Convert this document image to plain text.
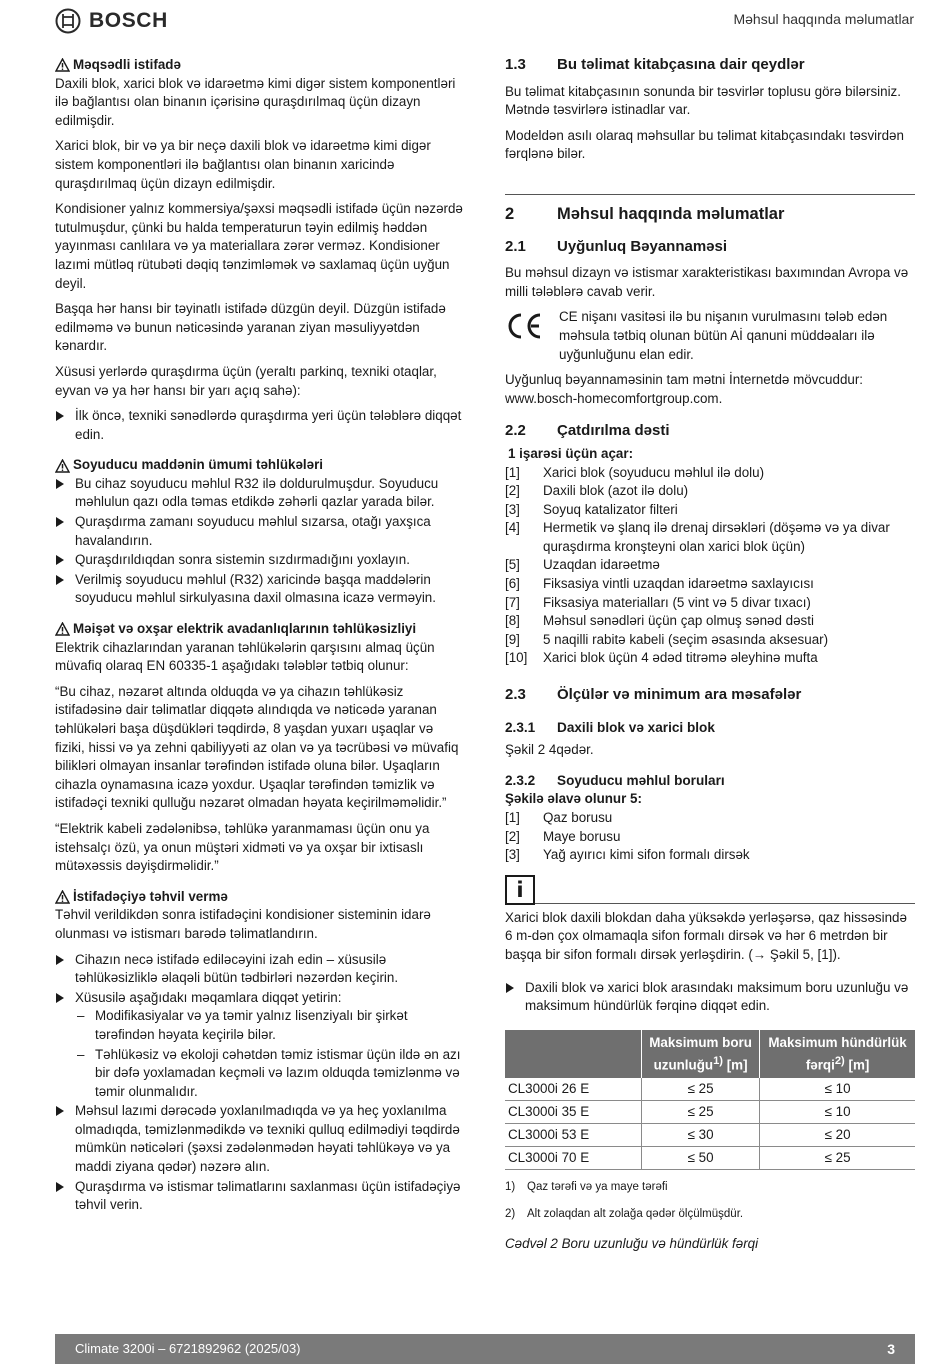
BOSCH	Məhsul haqqında məlumatlar
Məqsədli istifadə

Daxili blok, xarici blok və idarəetmə kimi digər sistem komponentləri ilə bağlantısı olan binanın içərisinə quraşdırılmaq üçün dizayn edilmişdir.

Xarici blok, bir və ya bir neçə daxili blok və idarəetmə kimi digər sistem komponentləri ilə bağlantısı olan binanın xaricində quraşdırılmaq üçün dizayn edilmişdir.

Kondisioner yalnız kommersiya/şəxsi məqsədli istifadə üçün nəzərdə tutulmuşdur, çünki bu halda temperaturun təyin edilmiş həddən yayınması canlılara və ya materiallara zərər verməz. Kondisioner lazımi mütləq rütubəti dəqiq tənzimləmək və saxlamaq üçün uyğun deyil.

Başqa hər hansı bir təyinatlı istifadə düzgün deyil. Düzgün istifadə edilməmə və bunun nəticəsində yaranan ziyan məsuliyyətdən kənardır.

Xüsusi yerlərdə quraşdırma üçün (yeraltı parkinq, texniki otaqlar, eyvan və ya hər hansı bir yarı açıq sahə):

İlk öncə, texniki sənədlərdə quraşdırma yeri üçün tələblərə diqqət edin.
Soyuducu maddənin ümumi təhlükələri
Bu cihaz soyuducu məhlul R32 ilə doldurulmuşdur. Soyuducu məhlulun qazı odla təmas etdikdə zəhərli qazlar yarada bilər.
Quraşdırma zamanı soyuducu məhlul sızarsa, otağı yaxşıca havalandırın.
Quraşdırıldıqdan sonra sistemin sızdırmadığını yoxlayın.
Verilmiş soyuducu məhlul (R32) xaricində başqa maddələrin soyuducu məhlul sirkulyasına daxil olmasına icazə verməyin.
Məişət və oxşar elektrik avadanlıqlarının təhlükəsizliyi

Elektrik cihazlarından yaranan təhlükələrin qarşısını almaq üçün müvafiq olaraq EN 60335-1 aşağıdakı tələblər tətbiq olunur:

“Bu cihaz, nəzarət altında olduqda və ya cihazın təhlükəsiz istifadəsinə dair təlimatlar diqqətə alındıqda və nəticədə yaranan təhlükələri başa düşdükləri təqdirdə, 8 yaşdan yuxarı uşaqlar və fiziki, hissi və ya zehni qabiliyyəti az olan və ya təcrübəsi və müvafiq bilikləri olmayan insanlar tərəfindən istifadə oluna bilər. Uşaqların cihazla oynamasına icazə yoxdur. Uşaqlar tərəfindən təmizlik və istifadəçi texniki qulluğu nəzarət olmadan həyata keçirilməməlidir.”

“Elektrik kabeli zədələnibsə, təhlükə yaranmaması üçün onu ya istehsalçı özü, ya onun müştəri xidməti və ya oxşar bir ixtisaslı mütəxəssis dəyişdirməlidir.”

İstifadəçiyə təhvil vermə

Təhvil verildikdən sonra istifadəçini kondisioner sisteminin idarə olunması və istismarı barədə təlimatlandırın.

Cihazın necə istifadə ediləcəyini izah edin – xüsusilə təhlükəsizliklə əlaqəli bütün tədbirləri nəzərdən keçirin.
Xüsusilə aşağıdakı məqamlara diqqət yetirin:
– Modifikasiyalar və ya təmir yalnız lisenziyalı bir şirkət tərəfindən həyata keçirilə bilər.
– Təhlükəsiz və ekoloji cəhətdən təmiz istismar üçün ildə ən azı bir dəfə yoxlamadan keçməli və lazım olduqda təmizlənmə və təmir olunmalıdır.
Məhsul lazımi dərəcədə yoxlanılmadıqda və ya heç yoxlanılma olmadıqda, təmizlənmədikdə və texniki qulluq edilmədiyi təqdirdə mümkün nəticələri (şəxsi zədələnmədən həyati təhlükəyə və ya maddi ziyana qədər) nəzərə alın.
Quraşdırma və istismar təlimatlarını saxlanması üçün istifadəçiyə təhvil verin.
1.3	Bu təlimat kitabçasına dair qeydlər

Bu təlimat kitabçasının sonunda bir təsvirlər toplusu görə bilərsiniz. Mətndə təsvirlərə istinadlar var.

Modeldən asılı olaraq məhsullar bu təlimat kitabçasındakı təsvirdən fərqlənə bilər.

2	Məhsul haqqında məlumatlar
2.1	Uyğunluq Bəyannaməsi

Bu məhsul dizayn və istismar xarakteristikası baxımından Avropa və milli tələblərə cavab verir.

CE nişanı vasitəsi ilə bu nişanın vurulmasını tələb edən məhsula tətbiq olunan bütün Aİ qanuni müddəaları ilə uyğunluğunu elan edir.

Uyğunluq bəyannaməsinin tam mətni İnternetdə mövcuddur: www.bosch-homecomfortgroup.com.

2.2	Çatdırılma dəsti
1 işarəsi üçün açar:
[1]	Xarici blok (soyuducu məhlul ilə dolu)
[2]	Daxili blok (azot ilə dolu)
[3]	Soyuq katalizator filteri
[4]	Hermetik və şlanq ilə drenaj dirsəkləri (döşəmə və ya divar quraşdırma kronşteyni olan xarici blok üçün)
[5]	Uzaqdan idarəetmə
[6]	Fiksasiya vintli uzaqdan idarəetmə saxlayıcısı
[7]	Fiksasiya materialları (5 vint və 5 divar tıxacı)
[8]	Məhsul sənədləri üçün çap olmuş sənəd dəsti
[9]	5 naqilli rabitə kabeli (seçim əsasında aksesuar)
[10]	Xarici blok üçün 4 ədəd titrəmə əleyhinə mufta
2.3	Ölçülər və minimum ara məsafələr
2.3.1	Daxili blok və xarici blok

Şəkil 2 4qədər.

2.3.2	Soyuducu məhlul boruları
Şəkilə əlavə olunur 5:
[1]	Qaz borusu
[2]	Maye borusu
[3]	Yağ ayırıcı kimi sifon formalı dirsək
i

Xarici blok daxili blokdan daha yüksəkdə yerləşərsə, qaz hissəsində 6 m-dən çox olmamaqla sifon formalı dirsək və hər 6 metrdən bir başqa bir sifon formalı dirsək yerləşdirin. (→ Şəkil 5, [1]).

Daxili blok və xarici blok arasındakı maksimum boru uzunluğu və maksimum hündürlük fərqinə diqqət edin.
	Maksimum boru
uzunluğu$^{1)}$ [m]	Maksimum hündürlük
fərqi$^{2)}$ [m]
CL3000i 26 E	≤ 25	≤ 10
CL3000i 35 E	≤ 25	≤ 10
CL3000i 53 E	≤ 30	≤ 20
CL3000i 70 E	≤ 50	≤ 25
1)	Qaz tərəfi və ya maye tərəfi
2)	Alt zolaqdan alt zolağa qədər ölçülmüşdür.
Cədvəl 2 Boru uzunluğu və hündürlük fərqi
Climate 3200i – 6721892962 (2025/03)	3
